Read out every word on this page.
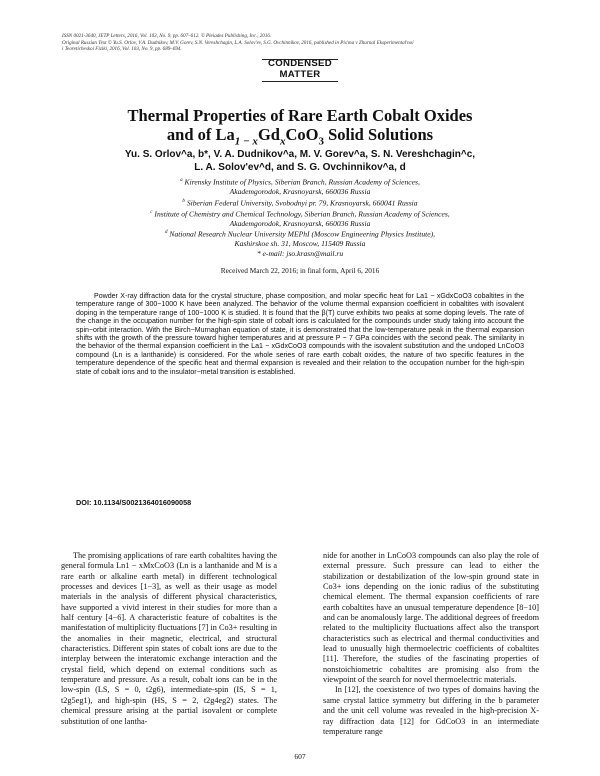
ISSN 0021-3640, JETP Letters, 2016, Vol. 103, No. 9, pp. 607–612. © Pleiades Publishing, Inc., 2016.
Original Russian Text © Yu.S. Orlov, V.A. Dudnikov, M.V. Gorev, S.N. Vereshchagin, L.A. Solov'ev, S.G. Ovchinnikov, 2016, published in Pis'ma v Zhurnal Eksperimental'noi
i Teoreticheskoi Fiziki, 2016, Vol. 103, No. 9, pp. 689–694.
CONDENSED
MATTER
Thermal Properties of Rare Earth Cobalt Oxides
and of $La_{1 - x}Gd_xCoO_3$ Solid Solutions
Yu. S. Orlov^a, b*, V. A. Dudnikov^a, M. V. Gorev^a, S. N. Vereshchagin^c,
L. A. Solov'ev^d, and S. G. Ovchinnikov^a, d
$^a$ Kirensky Institute of Physics, Siberian Branch, Russian Academy of Sciences,
Akademgorodok, Krasnoyarsk, 660036 Russia
$^b$ Siberian Federal University, Svobodnyi pr. 79, Krasnoyarsk, 660041 Russia
$^c$ Institute of Chemistry and Chemical Technology, Siberian Branch, Russian Academy of Sciences,
Akademgorodok, Krasnoyarsk, 660036 Russia
$^d$ National Research Nuclear University MEPhI (Moscow Engineering Physics Institute),
Kashirskoe sh. 31, Moscow, 115409 Russia
* e-mail: jso.krasn@mail.ru
Received March 22, 2016; in final form, April 6, 2016

Powder X-ray diffraction data for the crystal structure, phase composition, and molar specific heat for La1 − xGdxCoO3 cobaltites in the temperature range of 300−1000 K have been analyzed. The behavior of the volume thermal expansion coefficient in cobaltites with isovalent doping in the temperature range of 100−1000 K is studied. It is found that the β(T) curve exhibits two peaks at some doping levels. The rate of the change in the occupation number for the high-spin state of cobalt ions is calculated for the compounds under study taking into account the spin−orbit interaction. With the Birch−Murnaghan equation of state, it is demonstrated that the low-temperature peak in the thermal expansion shifts with the growth of the pressure toward higher temperatures and at pressure P ~ 7 GPa coincides with the second peak. The similarity in the behavior of the thermal expansion coefficient in the La1 − xGdxCoO3 compounds with the isovalent substitution and the undoped LnCoO3 compound (Ln is a lanthanide) is considered. For the whole series of rare earth cobalt oxides, the nature of two specific features in the temperature dependence of the specific heat and thermal expansion is revealed and their relation to the occupation number for the high-spin state of cobalt ions and to the insulator−metal transition is established.

DOI: 10.1134/S0021364016090058

The promising applications of rare earth cobaltites having the general formula Ln1 − xMxCoO3 (Ln is a lanthanide and M is a rare earth or alkaline earth metal) in different technological processes and devices [1−3], as well as their usage as model materials in the analysis of different physical characteristics, have supported a vivid interest in their studies for more than a half century [4−6]. A characteristic feature of cobaltites is the manifestation of multiplicity fluctuations [7] in Co3+ resulting in the anomalies in their magnetic, electrical, and structural characteristics. Different spin states of cobalt ions are due to the interplay between the interatomic exchange interaction and the crystal field, which depend on external conditions such as temperature and pressure. As a result, cobalt ions can be in the low-spin (LS, S = 0, t2g6), intermediate-spin (IS, S = 1, t2g5eg1), and high-spin (HS, S = 2, t2g4eg2) states. The chemical pressure arising at the partial isovalent or complete substitution of one lantha-

nide for another in LnCoO3 compounds can also play the role of external pressure. Such pressure can lead to either the stabilization or destabilization of the low-spin ground state in Co3+ ions depending on the ionic radius of the substituting chemical element. The thermal expansion coefficients of rare earth cobaltites have an unusual temperature dependence [8−10] and can be anomalously large. The additional degrees of freedom related to the multiplicity fluctuations affect also the transport characteristics such as electrical and thermal conductivities and lead to unusually high thermoelectric coefficients of cobaltites [11]. Therefore, the studies of the fascinating properties of nonstoichiometric cobaltites are promising also from the viewpoint of the search for novel thermoelectric materials.

In [12], the coexistence of two types of domains having the same crystal lattice symmetry but differing in the b parameter and the unit cell volume was revealed in the high-precision X-ray diffraction data [12] for GdCoO3 in an intermediate temperature range

607
